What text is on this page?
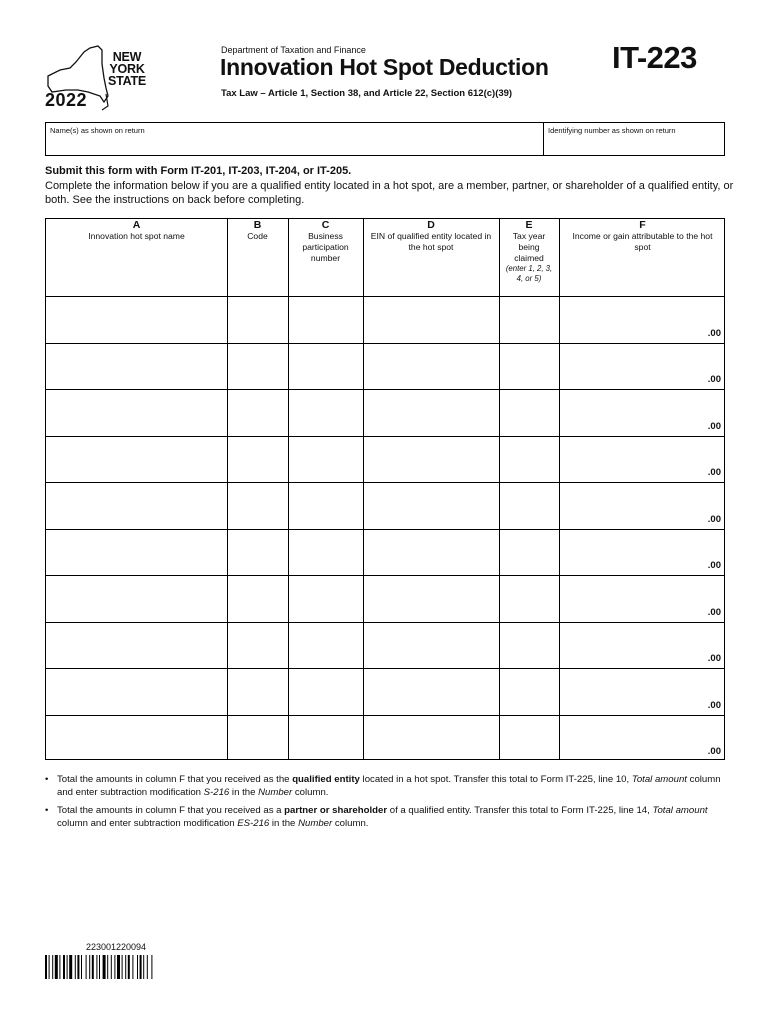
NEW YORK STATE
2022
Department of Taxation and Finance
Innovation Hot Spot Deduction
Tax Law – Article 1, Section 38, and Article 22, Section 612(c)(39)
IT-223
Name(s) as shown on return	Identifying number as shown on return
Submit this form with Form IT-201, IT-203, IT-204, or IT-205.
Complete the information below if you are a qualified entity located in a hot spot, are a member, partner, or shareholder of a qualified entity, or both. See the instructions on back before completing.
A
Innovation hot spot name
B
Code
C
Business participation number
D
EIN of qualified entity located in the hot spot
E
Tax year being claimed
(enter 1, 2, 3, 4, or 5)
F
Income or gain attributable to the hot spot
.00
.00
.00
.00
.00
.00
.00
.00
.00
.00
• Total the amounts in column F that you received as the qualified entity located in a hot spot. Transfer this total to Form IT-225, line 10, Total amount column and enter subtraction modification S-216 in the Number column.
• Total the amounts in column F that you received as a partner or shareholder of a qualified entity. Transfer this total to Form IT-225, line 14, Total amount column and enter subtraction modification ES-216 in the Number column.
223001220094
